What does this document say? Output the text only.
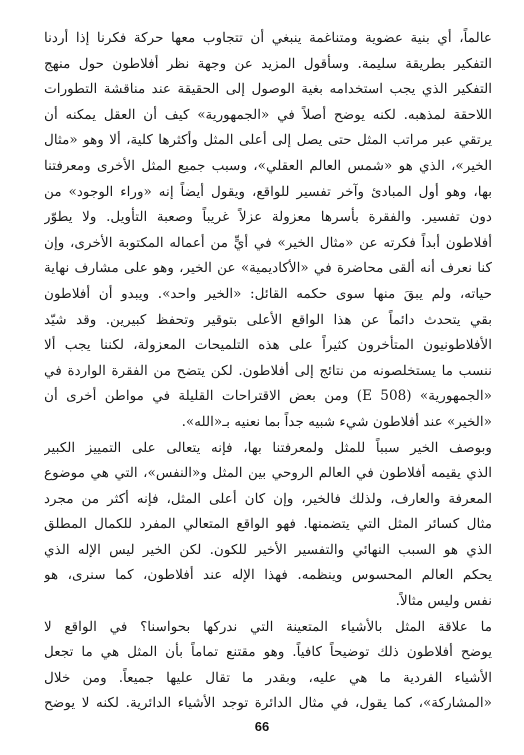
عالماً، أي بنية عضوية ومتناغمة ينبغي أن تتجاوب معها حركة فكرنا إذا أردنا
التفكير بطريقة سليمة. وسأقول المزيد عن وجهة نظر أفلاطون حول منهج
التفكير الذي يجب استخدامه بغية الوصول إلى الحقيقة عند مناقشة التطورات
اللاحقة لمذهبه. لكنه يوضح أصلاً في «الجمهورية» كيف أن العقل يمكنه أن
يرتقي عبر مراتب المثل حتى يصل إلى أعلى المثل وأكثرها كلية، ألا وهو «مثال
الخير»، الذي هو «شمس العالم العقلي»، وسبب جميع المثل الأخرى ومعرفتنا
بها، وهو أول المبادئ وآخر تفسير للواقع، ويقول أيضاً إنه «وراء الوجود» من
دون تفسير. والفقرة بأسرها معزولة عزلاً غريباً وصعبة التأويل. ولا يطوّر
أفلاطون أبداً فكرته عن «مثال الخير» في أيٍّ من أعماله المكتوبة الأخرى، وإن
كنا نعرف أنه ألقى محاضرة في «الأكاديمية» عن الخير، وهو على مشارف نهاية
حياته، ولم يبقَ منها سوى حكمه القائل: «الخير واحد». ويبدو أن أفلاطون
بقي يتحدث دائماً عن هذا الواقع الأعلى بتوقير وتحفظ كبيرين. وقد شيّد
الأفلاطونيون المتأخرون كثيراً على هذه التلميحات المعزولة، لكننا يجب ألا
ننسب ما يستخلصونه من نتائج إلى أفلاطون. لكن يتضح من الفقرة الواردة في
«الجمهورية» (E 508) ومن بعض الاقتراحات القليلة في مواطن أخرى أن
«الخير» عند أفلاطون شيء شبيه جداً بما نعنيه بـ«الله».
وبوصف الخير سبباً للمثل ولمعرفتنا بها، فإنه يتعالى على التمييز الكبير
الذي يقيمه أفلاطون في العالم الروحي بين المثل و«النفس»، التي هي موضوع
المعرفة والعارف، ولذلك فالخير، وإن كان أعلى المثل، فإنه أكثر من مجرد
مثال كسائر المثل التي يتضمنها. فهو الواقع المتعالي المفرد للكمال المطلق
الذي هو السبب النهائي والتفسير الأخير للكون. لكن الخير ليس الإله الذي
يحكم العالم المحسوس وينظمه. فهذا الإله عند أفلاطون، كما سنرى، هو
نفس وليس مثالاً.
ما علاقة المثل بالأشياء المتعينة التي ندركها بحواسنا؟ في الواقع لا
يوضح أفلاطون ذلك توضيحاً كافياً. وهو مقتنع تماماً بأن المثل هي ما تجعل
الأشياء الفردية ما هي عليه، وبقدر ما تقال عليها جميعاً. ومن خلال
«المشاركة»، كما يقول، في مثال الدائرة توجد الأشياء الدائرية. لكنه لا يوضح
66
